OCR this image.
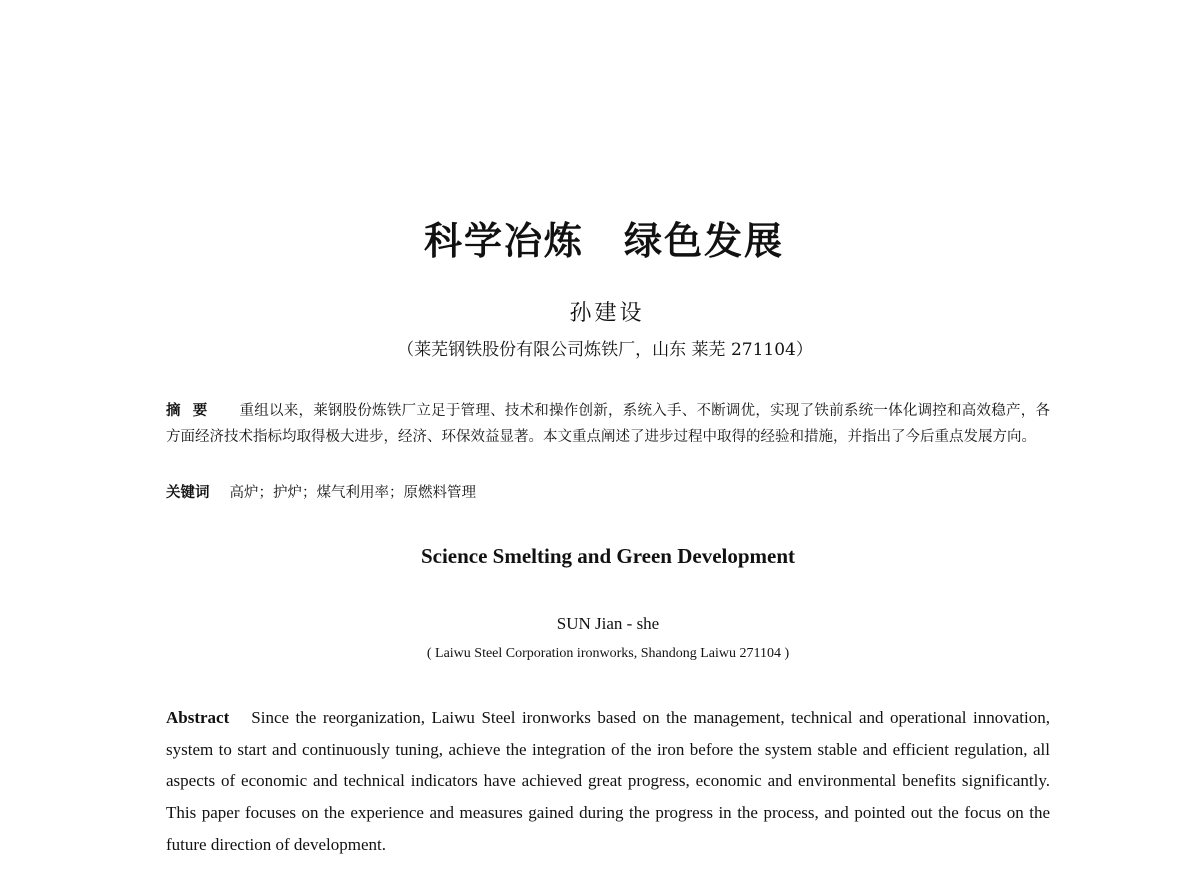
科学冶炼　绿色发展
孙建设
（莱芜钢铁股份有限公司炼铁厂，山东 莱芜 271104）
摘要 重组以来，莱钢股份炼铁厂立足于管理、技术和操作创新，系统入手、不断调优，实现了铁前系统一体化调控和高效稳产，各方面经济技术指标均取得极大进步，经济、环保效益显著。本文重点阐述了进步过程中取得的经验和措施，并指出了今后重点发展方向。
关键词 高炉；护炉；煤气利用率；原燃料管理
Science Smelting and Green Development
SUN Jian - she
( Laiwu Steel Corporation ironworks, Shandong Laiwu 271104 )
Abstract Since the reorganization, Laiwu Steel ironworks based on the management, technical and operational innovation, system to start and continuously tuning, achieve the integration of the iron before the system stable and efficient regulation, all aspects of economic and technical indicators have achieved great progress, economic and environmental benefits significantly. This paper focuses on the experience and measures gained during the progress in the process, and pointed out the focus on the future direction of development.
